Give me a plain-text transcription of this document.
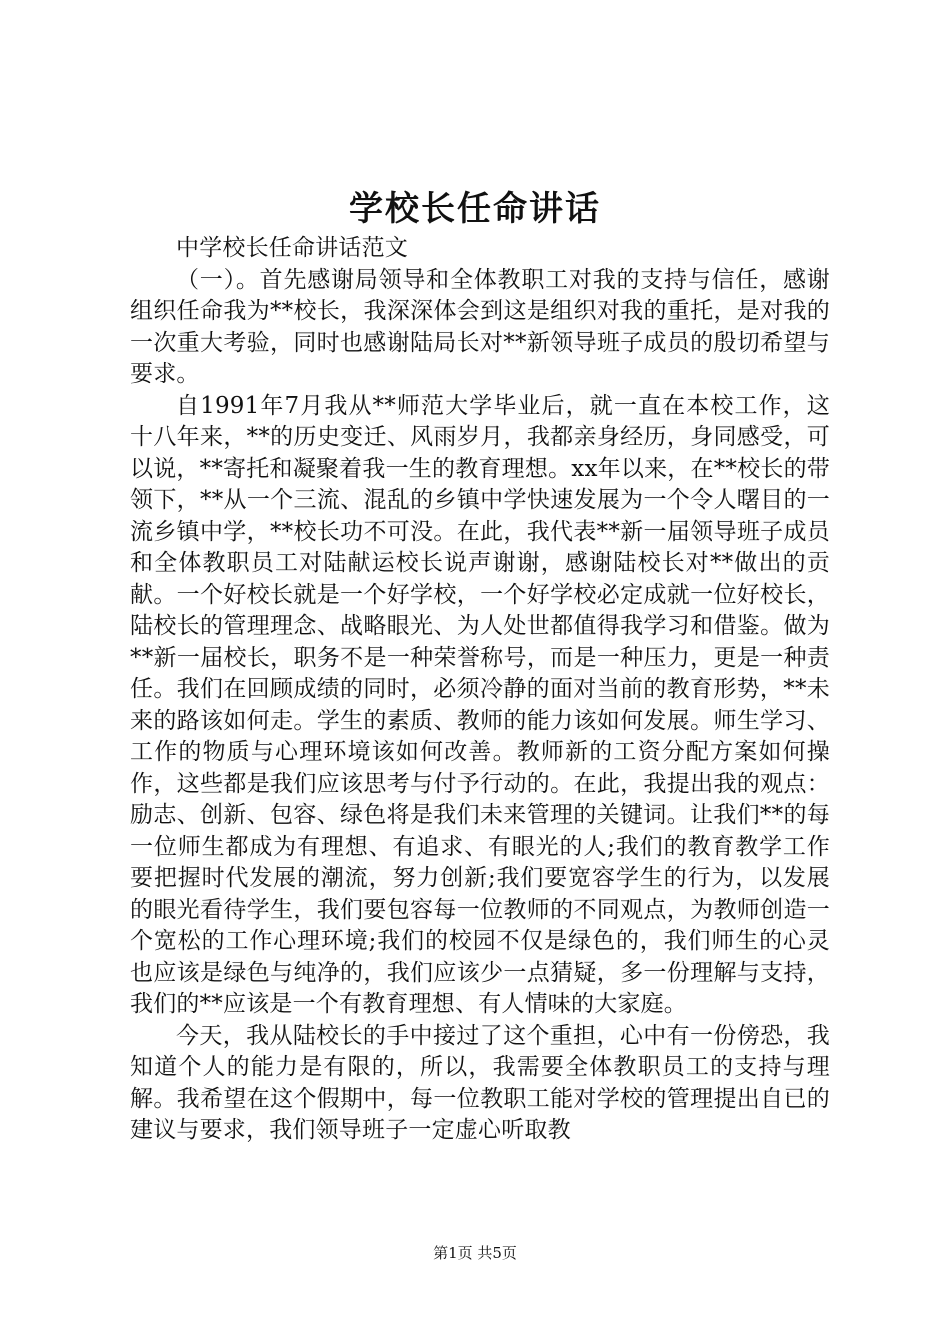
学校长任命讲话

中学校长任命讲话范文

（一）。首先感谢局领导和全体教职工对我的支持与信任，感谢组织任命我为**校长，我深深体会到这是组织对我的重托，是对我的一次重大考验，同时也感谢陆局长对**新领导班子成员的殷切希望与要求。

自1991年7月我从**师范大学毕业后，就一直在本校工作，这十八年来，**的历史变迁、风雨岁月，我都亲身经历，身同感受，可以说，**寄托和凝聚着我一生的教育理想。xx年以来，在**校长的带领下，**从一个三流、混乱的乡镇中学快速发展为一个令人曙目的一流乡镇中学，**校长功不可没。在此，我代表**新一届领导班子成员和全体教职员工对陆献运校长说声谢谢，感谢陆校长对**做出的贡献。一个好校长就是一个好学校，一个好学校必定成就一位好校长，陆校长的管理理念、战略眼光、为人处世都值得我学习和借鉴。做为**新一届校长，职务不是一种荣誉称号，而是一种压力，更是一种责任。我们在回顾成绩的同时，必须冷静的面对当前的教育形势，**未来的路该如何走。学生的素质、教师的能力该如何发展。师生学习、工作的物质与心理环境该如何改善。教师新的工资分配方案如何操作，这些都是我们应该思考与付予行动的。在此，我提出我的观点：励志、创新、包容、绿色将是我们未来管理的关键词。让我们**的每一位师生都成为有理想、有追求、有眼光的人;我们的教育教学工作要把握时代发展的潮流，努力创新;我们要宽容学生的行为，以发展的眼光看待学生，我们要包容每一位教师的不同观点，为教师创造一个宽松的工作心理环境;我们的校园不仅是绿色的，我们师生的心灵也应该是绿色与纯净的，我们应该少一点猜疑，多一份理解与支持，我们的**应该是一个有教育理想、有人情味的大家庭。

今天，我从陆校长的手中接过了这个重担，心中有一份傍恐，我知道个人的能力是有限的，所以，我需要全体教职员工的支持与理解。我希望在这个假期中，每一位教职工能对学校的管理提出自已的建议与要求，我们领导班子一定虚心听取教

第1页 共5页
